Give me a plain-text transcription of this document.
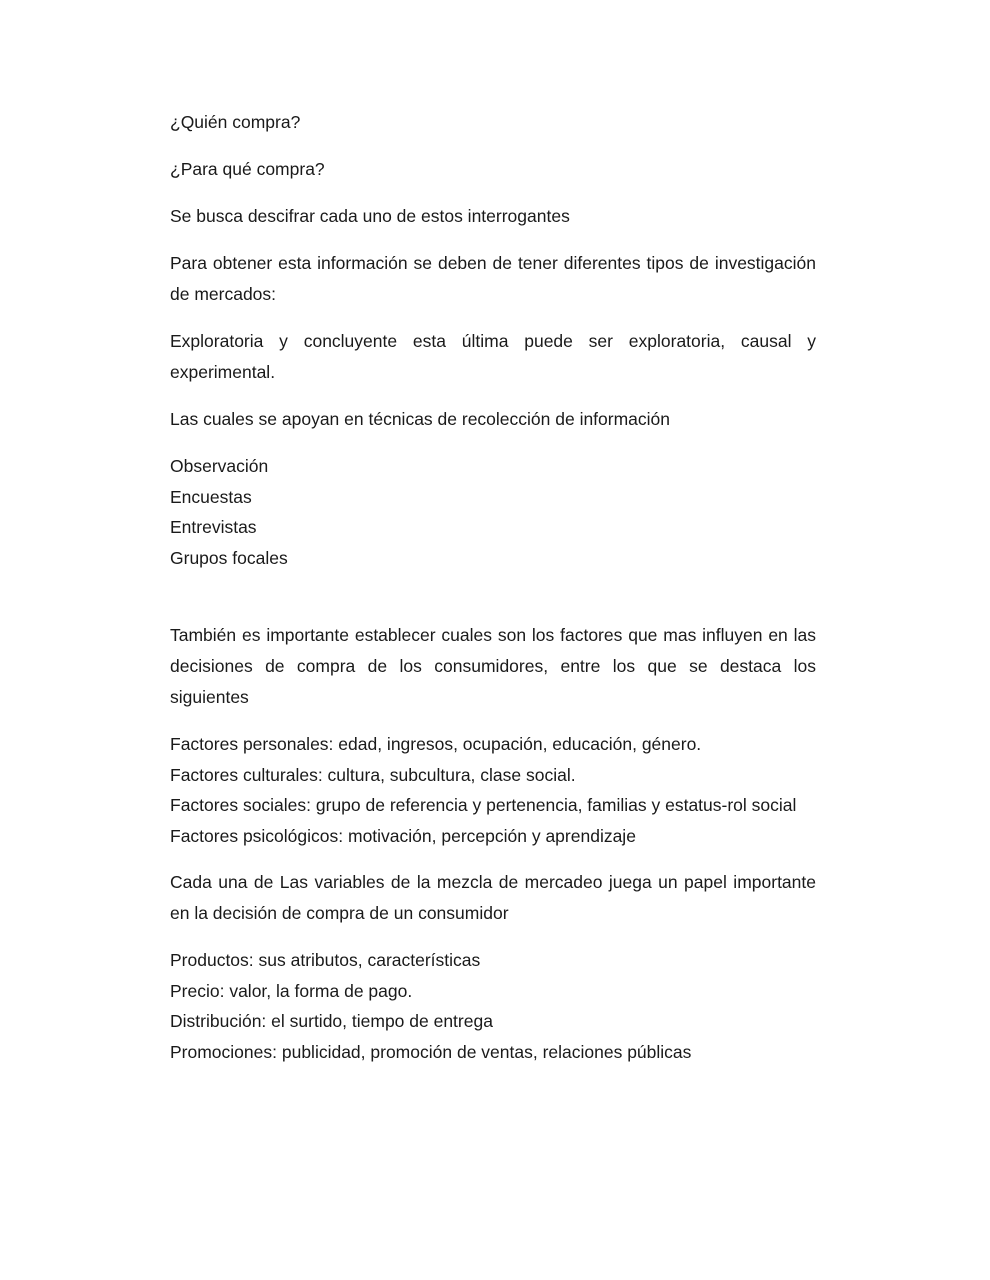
¿Quién compra?

¿Para qué compra?

Se busca descifrar cada uno de estos interrogantes

Para obtener esta información se deben de tener diferentes tipos de investigación de mercados:

Exploratoria y concluyente esta última puede ser exploratoria, causal y experimental.

Las cuales se apoyan en técnicas de recolección de información

Observación
Encuestas
Entrevistas
Grupos focales

También es importante establecer cuales son los factores que mas influyen en las decisiones de compra de los consumidores, entre los que se destaca los siguientes

Factores personales: edad, ingresos, ocupación, educación, género.
Factores culturales: cultura, subcultura, clase social.
Factores sociales: grupo de referencia y pertenencia, familias y estatus-rol social
Factores psicológicos: motivación, percepción y aprendizaje

Cada una de Las variables de la mezcla de mercadeo juega un papel importante en la decisión de compra de un consumidor

Productos: sus atributos, características
Precio: valor, la forma de pago.
Distribución: el surtido, tiempo de entrega
Promociones: publicidad, promoción de ventas, relaciones públicas
